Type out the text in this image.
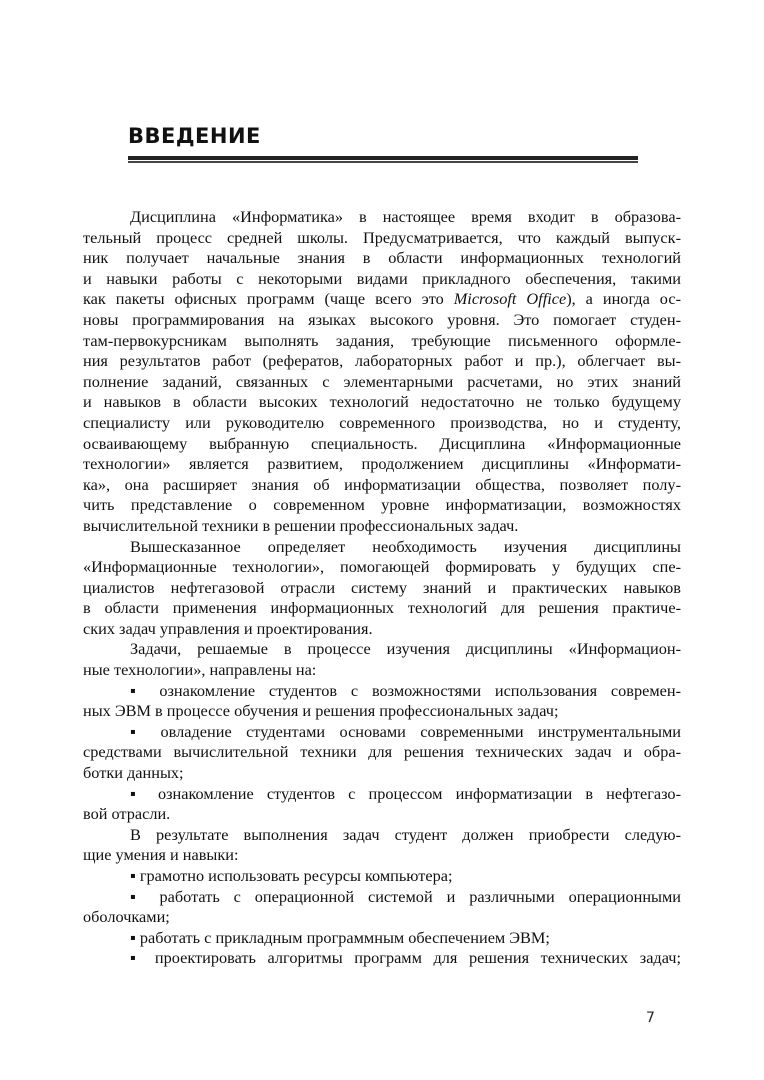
ВВЕДЕНИЕ
Дисциплина «Информатика» в настоящее время входит в образова-
тельный процесс средней школы. Предусматривается, что каждый выпуск-
ник получает начальные знания в области информационных технологий
и навыки работы с некоторыми видами прикладного обеспечения, такими
как пакеты офисных программ (чаще всего это Microsoft Office), а иногда ос-
новы программирования на языках высокого уровня. Это помогает студен-
там-первокурсникам выполнять задания, требующие письменного оформле-
ния результатов работ (рефератов, лабораторных работ и пр.), облегчает вы-
полнение заданий, связанных с элементарными расчетами, но этих знаний
и навыков в области высоких технологий недостаточно не только будущему
специалисту или руководителю современного производства, но и студенту,
осваивающему выбранную специальность. Дисциплина «Информационные
технологии» является развитием, продолжением дисциплины «Информати-
ка», она расширяет знания об информатизации общества, позволяет полу-
чить представление о современном уровне информатизации, возможностях
вычислительной техники в решении профессиональных задач.
Вышесказанное определяет необходимость изучения дисциплины
«Информационные технологии», помогающей формировать у будущих спе-
циалистов нефтегазовой отрасли систему знаний и практических навыков
в области применения информационных технологий для решения практиче-
ских задач управления и проектирования.
Задачи, решаемые в процессе изучения дисциплины «Информацион-
ные технологии», направлены на:
▪ ознакомление студентов с возможностями использования современ-
ных ЭВМ в процессе обучения и решения профессиональных задач;
▪ овладение студентами основами современными инструментальными
средствами вычислительной техники для решения технических задач и обра-
ботки данных;
▪ ознакомление студентов с процессом информатизации в нефтегазо-
вой отрасли.
В результате выполнения задач студент должен приобрести следую-
щие умения и навыки:
▪ грамотно использовать ресурсы компьютера;
▪ работать с операционной системой и различными операционными
оболочками;
▪ работать с прикладным программным обеспечением ЭВМ;
▪ проектировать алгоритмы программ для решения технических задач;
7
